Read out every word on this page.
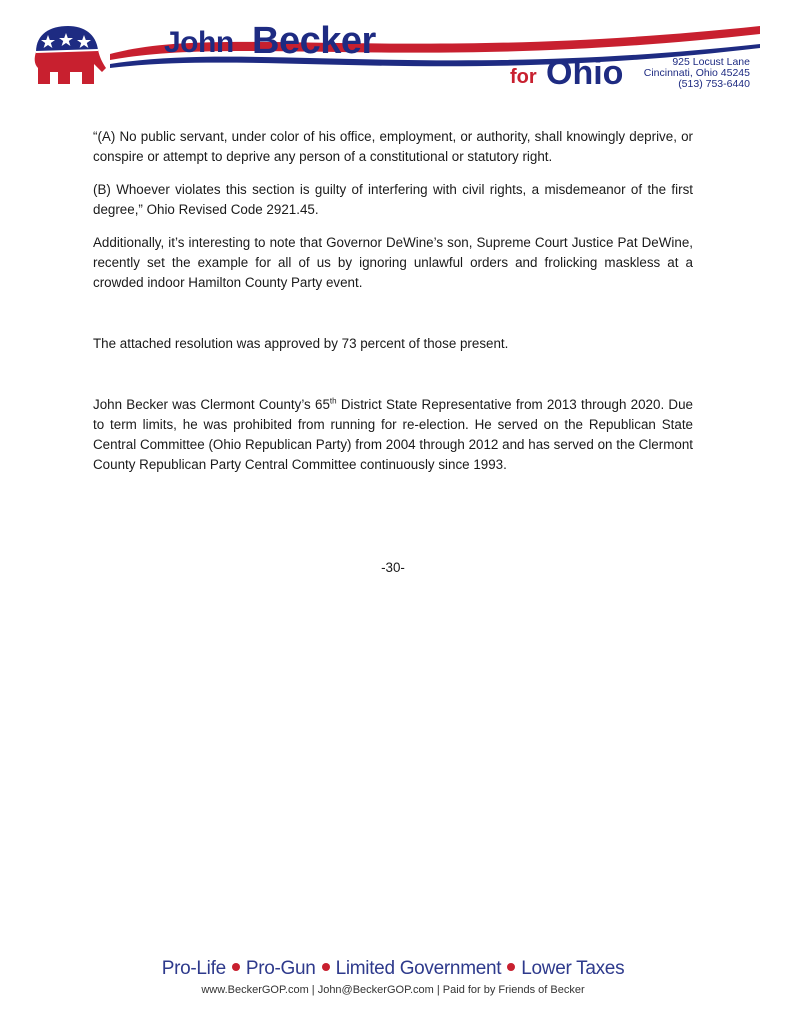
John Becker
for Ohio	925 Locust Lane
Cincinnati, Ohio 45245
(513) 753-6440

“(A) No public servant, under color of his office, employment, or authority, shall knowingly deprive, or conspire or attempt to deprive any person of a constitutional or statutory right.

(B) Whoever violates this section is guilty of interfering with civil rights, a misdemeanor of the first degree,” Ohio Revised Code 2921.45.

Additionally, it’s interesting to note that Governor DeWine’s son, Supreme Court Justice Pat DeWine, recently set the example for all of us by ignoring unlawful orders and frolicking maskless at a crowded indoor Hamilton County Party event.

The attached resolution was approved by 73 percent of those present.

John Becker was Clermont County’s 65th District State Representative from 2013 through 2020. Due to term limits, he was prohibited from running for re-election. He served on the Republican State Central Committee (Ohio Republican Party) from 2004 through 2012 and has served on the Clermont County Republican Party Central Committee continuously since 1993.

-30-
Pro-Life Pro-Gun Limited Government Lower Taxes
www.BeckerGOP.com | John@BeckerGOP.com | Paid for by Friends of Becker
